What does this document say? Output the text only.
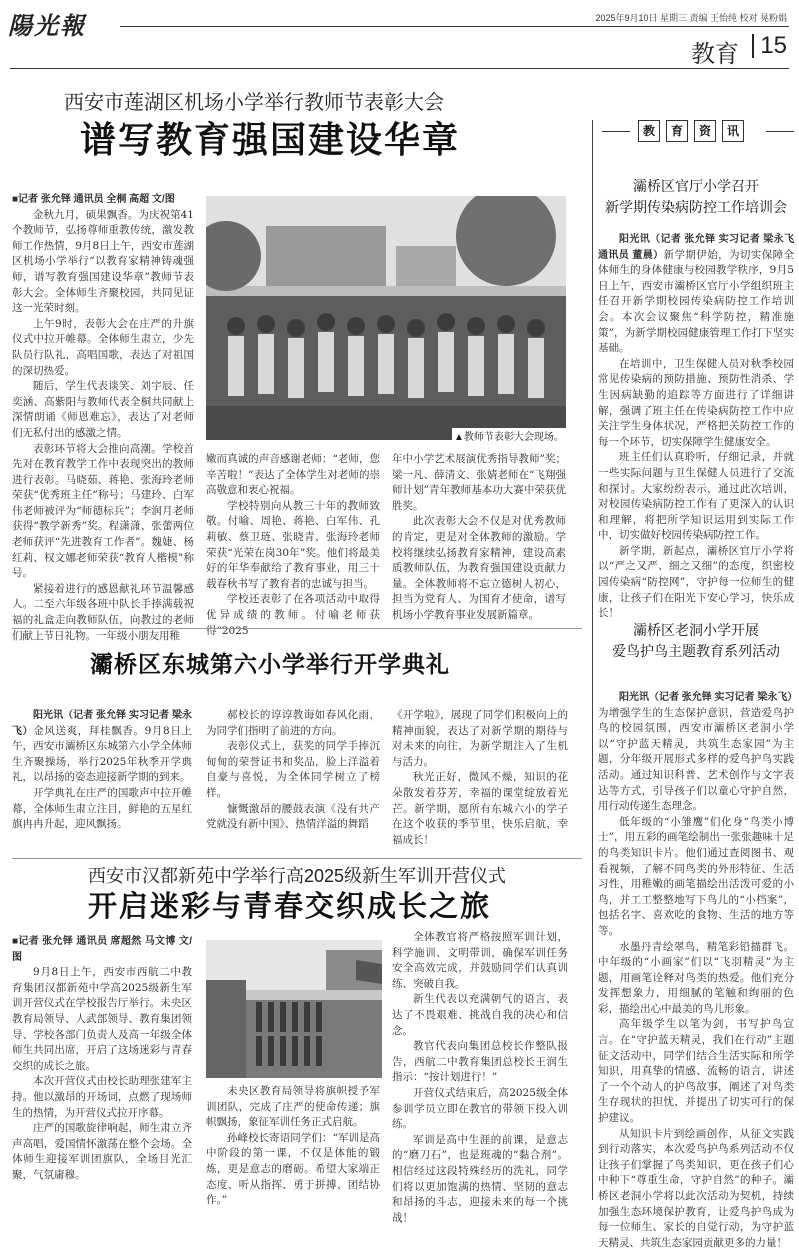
陽光報	2025年9月10日 星期三 责编 王怡纯 校对 晃粉娟
教育 15
西安市莲湖区机场小学举行教师节表彰大会
谱写教育强国建设华章
■记者 张允铎 通讯员 全桐 高超 文/图

金秋九月，硕果飘香。为庆祝第41个教师节，弘扬尊师重教传统，激发教师工作热情，9月8日上午，西安市莲湖区机场小学举行“以教育家精神铸魂强师，谱写教育强国建设华章”教师节表彰大会。全体师生齐聚校园，共同见证这一光荣时刻。

上午9时，表彰大会在庄严的升旗仪式中拉开帷幕。全体师生肃立，少先队员行队礼，高唱国歌，表达了对祖国的深切热爱。

随后，学生代表谈笑、刘宇辰、任奕涵、高紫阳与教师代表全桐共同献上深情朗诵《师恩难忘》，表达了对老师们无私付出的感激之情。

表彰环节将大会推向高潮。学校首先对在教育教学工作中表现突出的教师进行表彰。马晓茹、蒋艳、张海玲老师荣获“优秀班主任”称号；马建玲、白军伟老师被评为“师德标兵”；李润月老师获得“教学新秀”奖。程潇潇、张蕾两位老师获评“先进教育工作者”。魏婕、杨红莉、权文娜老师荣获“教育人楷模”称号。

紧接着进行的感恩献礼环节温馨感人。二至六年级各班中队长手捧满载祝福的礼盒走向教师队伍，向教过的老师们献上节日礼物。一年级小朋友用稚

▲教师节表彰大会现场。

嫩而真诚的声音感谢老师：“老师，您辛苦啦！”表达了全体学生对老师的崇高敬意和衷心祝福。

学校特别向从教三十年的教师致敬。付喻、周艳、蒋艳、白军伟、孔莉敏、蔡卫琏、张晓青、张海玲老师荣获“光荣在岗30年”奖。他们将最美好的年华奉献给了教育事业，用三十载春秋书写了教育者的忠诚与担当。

学校还表彰了在各项活动中取得优异成绩的教师。付喻老师获得“2025

年中小学艺术展演优秀指导教师”奖；梁一凡、薛清文、张婧老师在“飞翔强师计划”青年教师基本功大赛中荣获优胜奖。

此次表彰大会不仅是对优秀教师的肯定，更是对全体教师的激励。学校将继续弘扬教育家精神，建设高素质教师队伍，为教育强国建设贡献力量。全体教师将不忘立德树人初心，担当为党育人、为国育才使命，谱写机场小学教育事业发展新篇章。

教	育	资	讯
灞桥区官厅小学召开
新学期传染病防控工作培训会

阳光讯（记者 张允铎 实习记者 梁永飞 通讯员 董晨）新学期伊始，为切实保障全体师生的身体健康与校园教学秩序，9月5日上午，西安市灞桥区官厅小学组织班主任召开新学期校园传染病防控工作培训会。本次会议聚焦“科学防控，精准施策”，为新学期校园健康管理工作打下坚实基础。

在培训中，卫生保健人员对秋季校园常见传染病的预防措施、预防性消杀、学生因病缺勤的追踪等方面进行了详细讲解，强调了班主任在传染病防控工作中应关注学生身体状况，严格把关防控工作的每一个环节，切实保障学生健康安全。

班主任们认真聆听，仔细记录，并就一些实际问题与卫生保健人员进行了交流和探讨。大家纷纷表示，通过此次培训，对校园传染病防控工作有了更深入的认识和理解，将把所学知识运用到实际工作中，切实做好校园传染病防控工作。

新学期，新起点，灞桥区官厅小学将以“严之又严、细之又细”的态度，织密校园传染病“防控网”，守护每一位师生的健康，让孩子们在阳光下安心学习，快乐成长！

灞桥区老洞小学开展
爱鸟护鸟主题教育系列活动

阳光讯（记者 张允铎 实习记者 梁永飞）为增强学生的生态保护意识，营造爱鸟护鸟的校园氛围，西安市灞桥区老洞小学以“守护蓝天精灵，共筑生态家园”为主题，分年级开展形式多样的爱鸟护鸟实践活动。通过知识科普、艺术创作与文字表达等方式，引导孩子们以童心守护自然，用行动传递生态理念。

低年级的“小雏鹰”们化身“鸟类小博士”，用五彩的画笔绘制出一张张趣味十足的鸟类知识卡片。他们通过查阅图书、观看视频，了解不同鸟类的外形特征、生活习性，用稚嫩的画笔描绘出活泼可爱的小鸟，并工工整整地写下鸟儿的“小档案”，包括名字、喜欢吃的食物、生活的地方等等。

水墨丹青绘翠鸟，精笔彩铅描群飞。中年级的“小画家”们以“飞羽精灵”为主题，用画笔诠释对鸟类的热爱。他们充分发挥想象力，用细腻的笔触和绚丽的色彩，描绘出心中最美的鸟儿形象。

高年级学生以笔为剑，书写护鸟宣言。在“守护蓝天精灵，我们在行动”主题征文活动中，同学们结合生活实际和所学知识，用真挚的情感、流畅的语言，讲述了一个个动人的护鸟故事，阐述了对鸟类生存现状的担忧，并提出了切实可行的保护建议。

从知识卡片到绘画创作，从征文实践到行动落实，本次爱鸟护鸟系列活动不仅让孩子们掌握了鸟类知识，更在孩子们心中种下“尊重生命，守护自然”的种子。灞桥区老洞小学将以此次活动为契机，持续加强生态环境保护教育，让爱鸟护鸟成为每一位师生、家长的自觉行动，为守护蓝天精灵、共筑生态家园贡献更多的力量！

灞桥区东城第六小学举行开学典礼

阳光讯（记者 张允铎 实习记者 梁永飞）金风送爽，拜桂飘香。9月8日上午，西安市灞桥区东城第六小学全体师生齐聚操场，举行2025年秋季开学典礼，以昂扬的姿态迎接新学期的到来。

开学典礼在庄严的国歌声中拉开帷幕，全体师生肃立注目，鲜艳的五星红旗冉冉升起，迎风飘扬。

郝校长的谆谆教诲如春风化雨，为同学们指明了前进的方向。

表彰仪式上，获奖的同学手捧沉甸甸的荣誉证书和奖品，脸上洋溢着自豪与喜悦，为全体同学树立了榜样。

慷慨激昂的腰鼓表演《没有共产党就没有新中国》、热情洋溢的舞蹈

《开学啦》，展现了同学们积极向上的精神面貌，表达了对新学期的期待与对未来的向往，为新学期注入了生机与活力。

秋光正好，微风不燥，知识的花朵散发着芬芳，幸福的课堂绽放着光芒。新学期，愿所有东城六小的学子在这个收获的季节里，快乐启航，幸福成长！

西安市汉都新苑中学举行高2025级新生军训开营仪式
开启迷彩与青春交织成长之旅
■记者 张允铎 通讯员 席超然 马文博 文/图

9月8日上午，西安市西航二中教育集团汉都新苑中学高2025级新生军训开营仪式在学校报告厅举行。未央区教育局领导、人武部领导、教育集团领导、学校各部门负责人及高一年级全体师生共同出席，开启了这场迷彩与青春交织的成长之旅。

本次开营仪式由校长助理张建军主持。他以激昂的开场词，点燃了现场师生的热情，为开营仪式拉开序幕。

庄严的国歌旋律响起，师生肃立齐声高唱，爱国情怀激荡在整个会场。全体师生迎接军训团旗队，全场目光汇聚，气氛庸穆。

未央区教育局领导将旗帜授予军训团队，完成了庄严的使命传递；旗帜飘扬，象征军训任务正式启航。

孙峰校长寄语同学们：“军训是高中阶段的第一课，不仅是体能的锻炼，更是意志的磨砺。希望大家端正态度、听从指挥、勇于拼搏、团结协作。”

全体教官将严格按照军训计划，科学施训、文明带训，确保军训任务安全高效完成，并鼓励同学们认真训练、突破自我。

新生代表以充满朝气的语言，表达了不畏艰难、挑战自我的决心和信念。

教官代表向集团总校长作整队报告，西航二中教育集团总校长王润生指示：“按计划进行！”

开营仪式结束后，高2025级全体参训学员立即在教官的带领下投入训练。

军训是高中生涯的前课，是意志的“磨刀石”，也是班魂的“黏合剂”。相信经过这段特殊经历的洗礼，同学们将以更加饱满的热情、坚韧的意志和昂扬的斗志，迎接未来的每一个挑战！
